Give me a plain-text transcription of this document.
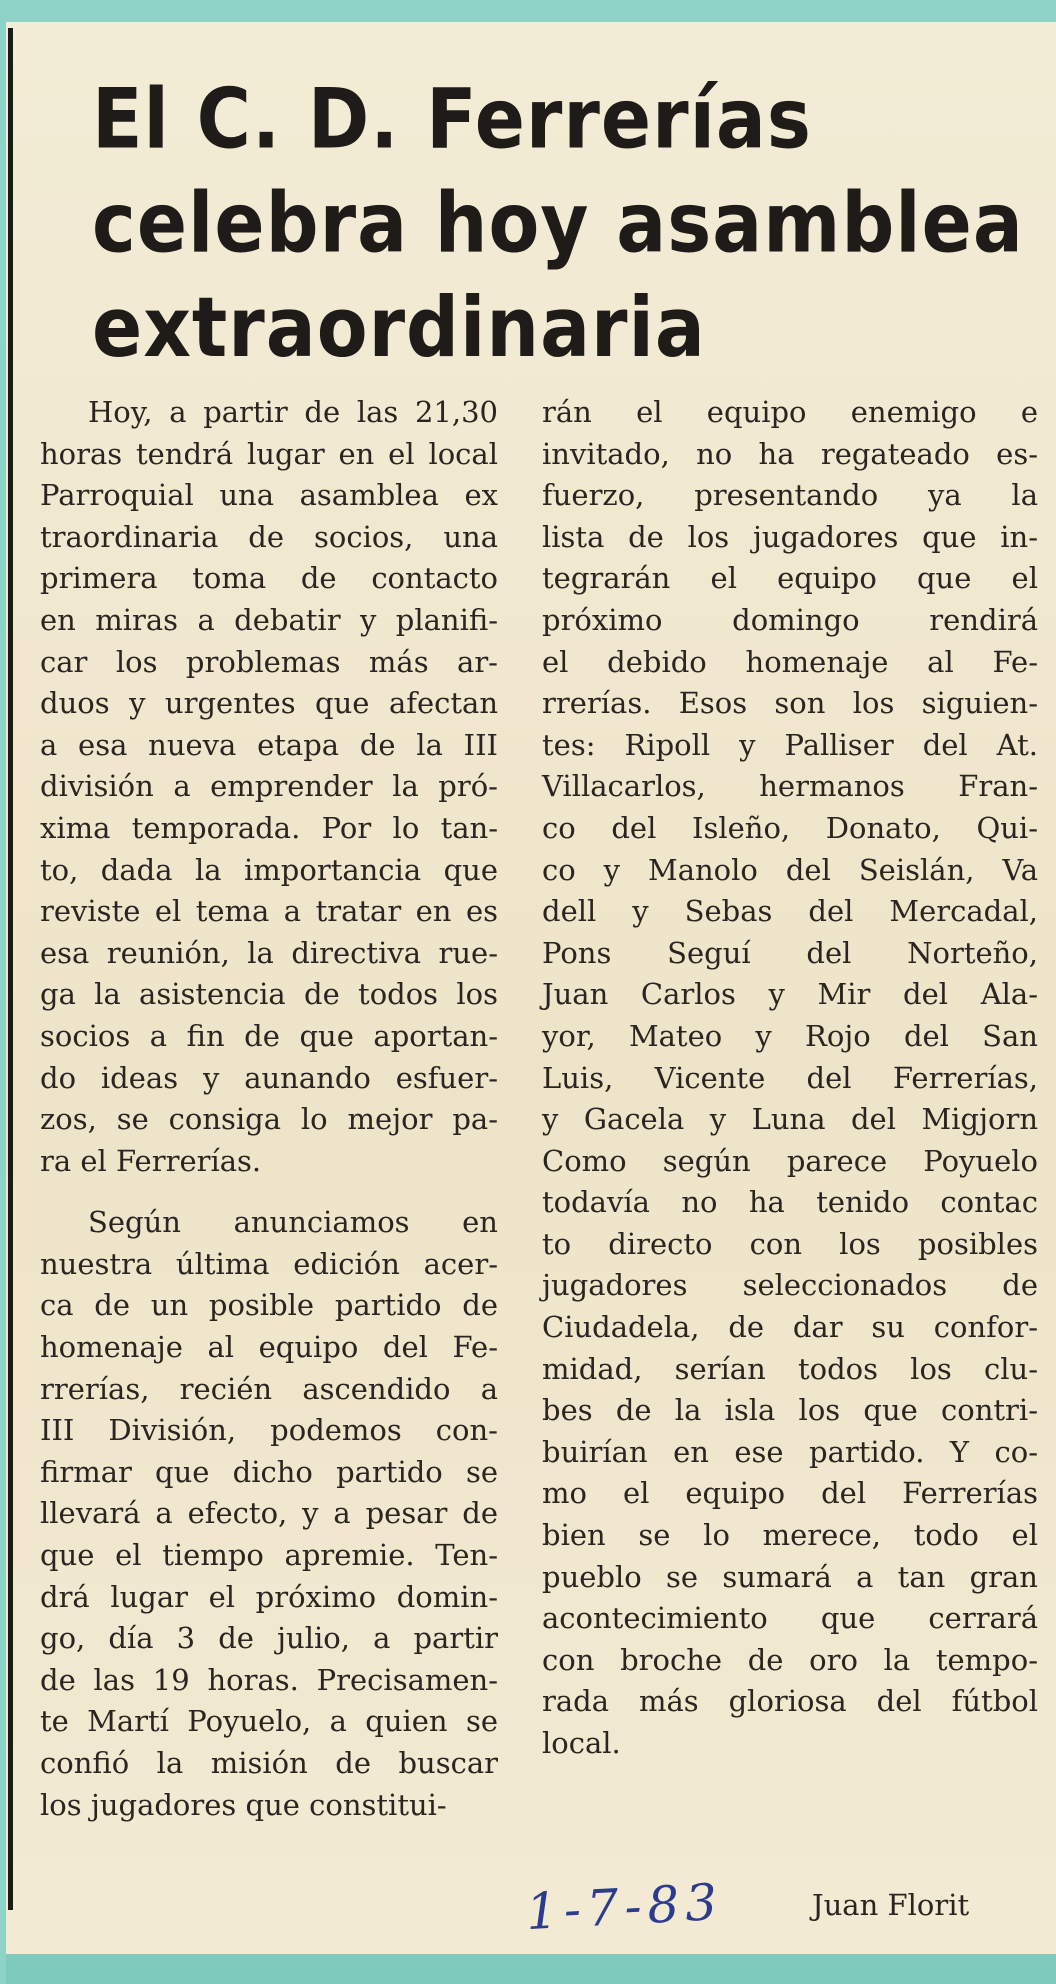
El C. D. Ferrerías
celebra hoy asamblea
extraordinaria
Hoy, a partir de las 21,30
horas tendrá lugar en el local
Parroquial una asamblea ex
traordinaria de socios, una
primera toma de contacto
en miras a debatir y planifi-
car los problemas más ar-
duos y urgentes que afectan
a esa nueva etapa de la III
división a emprender la pró-
xima temporada. Por lo tan-
to, dada la importancia que
reviste el tema a tratar en es
esa reunión, la directiva rue-
ga la asistencia de todos los
socios a fin de que aportan-
do ideas y aunando esfuer-
zos, se consiga lo mejor pa-
ra el Ferrerías.
Según anunciamos en
nuestra última edición acer-
ca de un posible partido de
homenaje al equipo del Fe-
rrerías, recién ascendido a
III División, podemos con-
firmar que dicho partido se
llevará a efecto, y a pesar de
que el tiempo apremie. Ten-
drá lugar el próximo domin-
go, día 3 de julio, a partir
de las 19 horas. Precisamen-
te Martí Poyuelo, a quien se
confió la misión de buscar
los jugadores que constitui-
rán el equipo enemigo e
invitado, no ha regateado es-
fuerzo, presentando ya la
lista de los jugadores que in-
tegrarán el equipo que el
próximo domingo rendirá
el debido homenaje al Fe-
rrerías. Esos son los siguien-
tes: Ripoll y Palliser del At.
Villacarlos, hermanos Fran-
co del Isleño, Donato, Qui-
co y Manolo del Seislán, Va
dell y Sebas del Mercadal,
Pons Seguí del Norteño,
Juan Carlos y Mir del Ala-
yor, Mateo y Rojo del San
Luis, Vicente del Ferrerías,
y Gacela y Luna del Migjorn
Como según parece Poyuelo
todavía no ha tenido contac
to directo con los posibles
jugadores seleccionados de
Ciudadela, de dar su confor-
midad, serían todos los clu-
bes de la isla los que contri-
buirían en ese partido. Y co-
mo el equipo del Ferrerías
bien se lo merece, todo el
pueblo se sumará a tan gran
acontecimiento que cerrará
con broche de oro la tempo-
rada más gloriosa del fútbol
local.
1-7-83	Juan Florit
